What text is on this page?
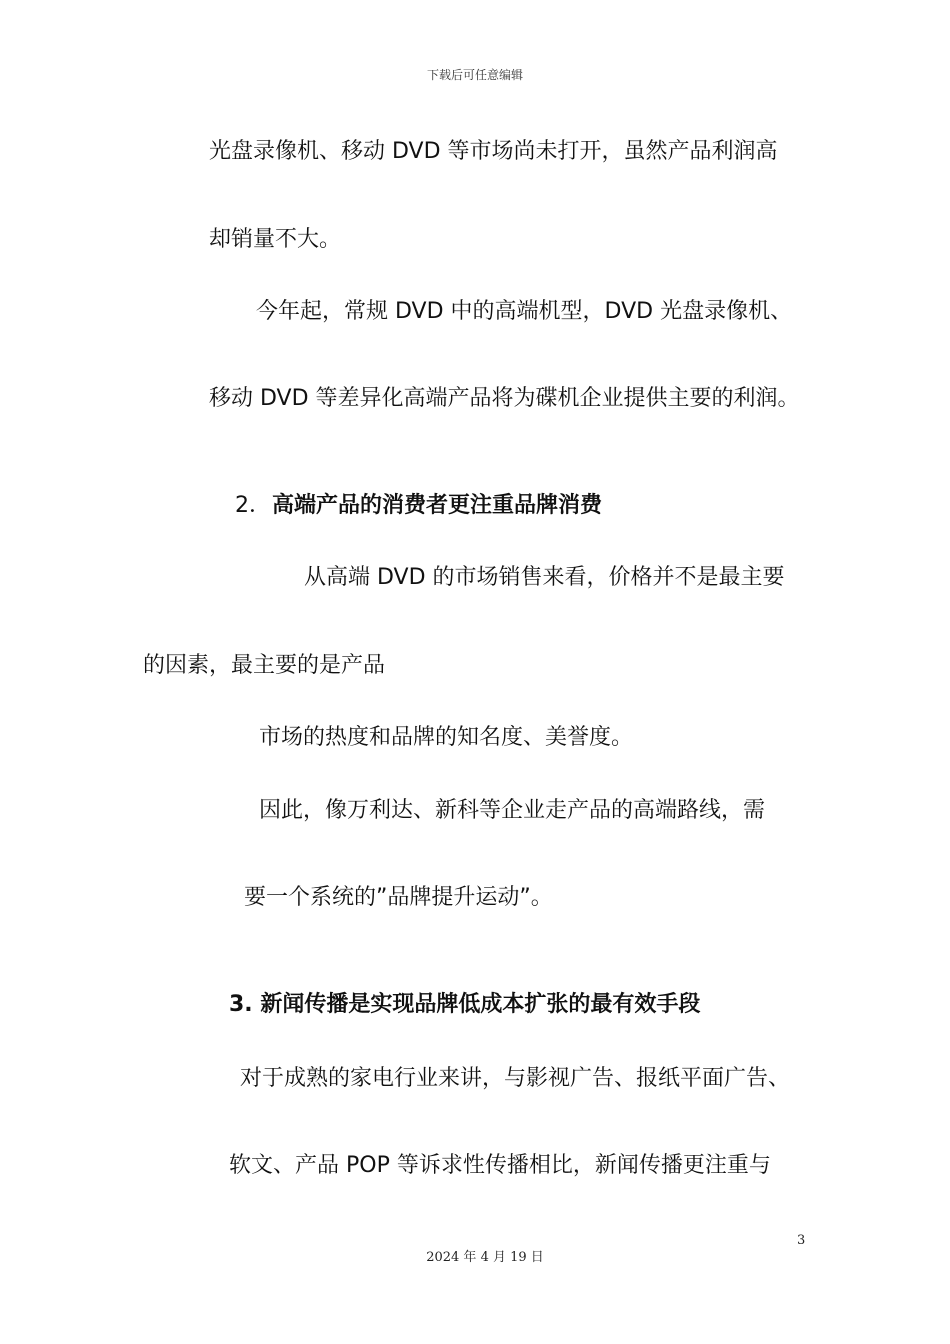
下载后可任意编辑
光盘录像机、移动 DVD 等市场尚未打开，虽然产品利润高
却销量不大。
今年起，常规 DVD 中的高端机型，DVD 光盘录像机、
移动 DVD 等差异化高端产品将为碟机企业提供主要的利润。
2． 高端产品的消费者更注重品牌消费
从高端 DVD 的市场销售来看，价格并不是最主要
的因素，最主要的是产品
市场的热度和品牌的知名度、美誉度。
因此，像万利达、新科等企业走产品的高端路线，需
要一个系统的”品牌提升运动”。
3. 新闻传播是实现品牌低成本扩张的最有效手段
对于成熟的家电行业来讲，与影视广告、报纸平面广告、
软文、产品 POP 等诉求性传播相比，新闻传播更注重与
3
2024 年 4 月 19 日
